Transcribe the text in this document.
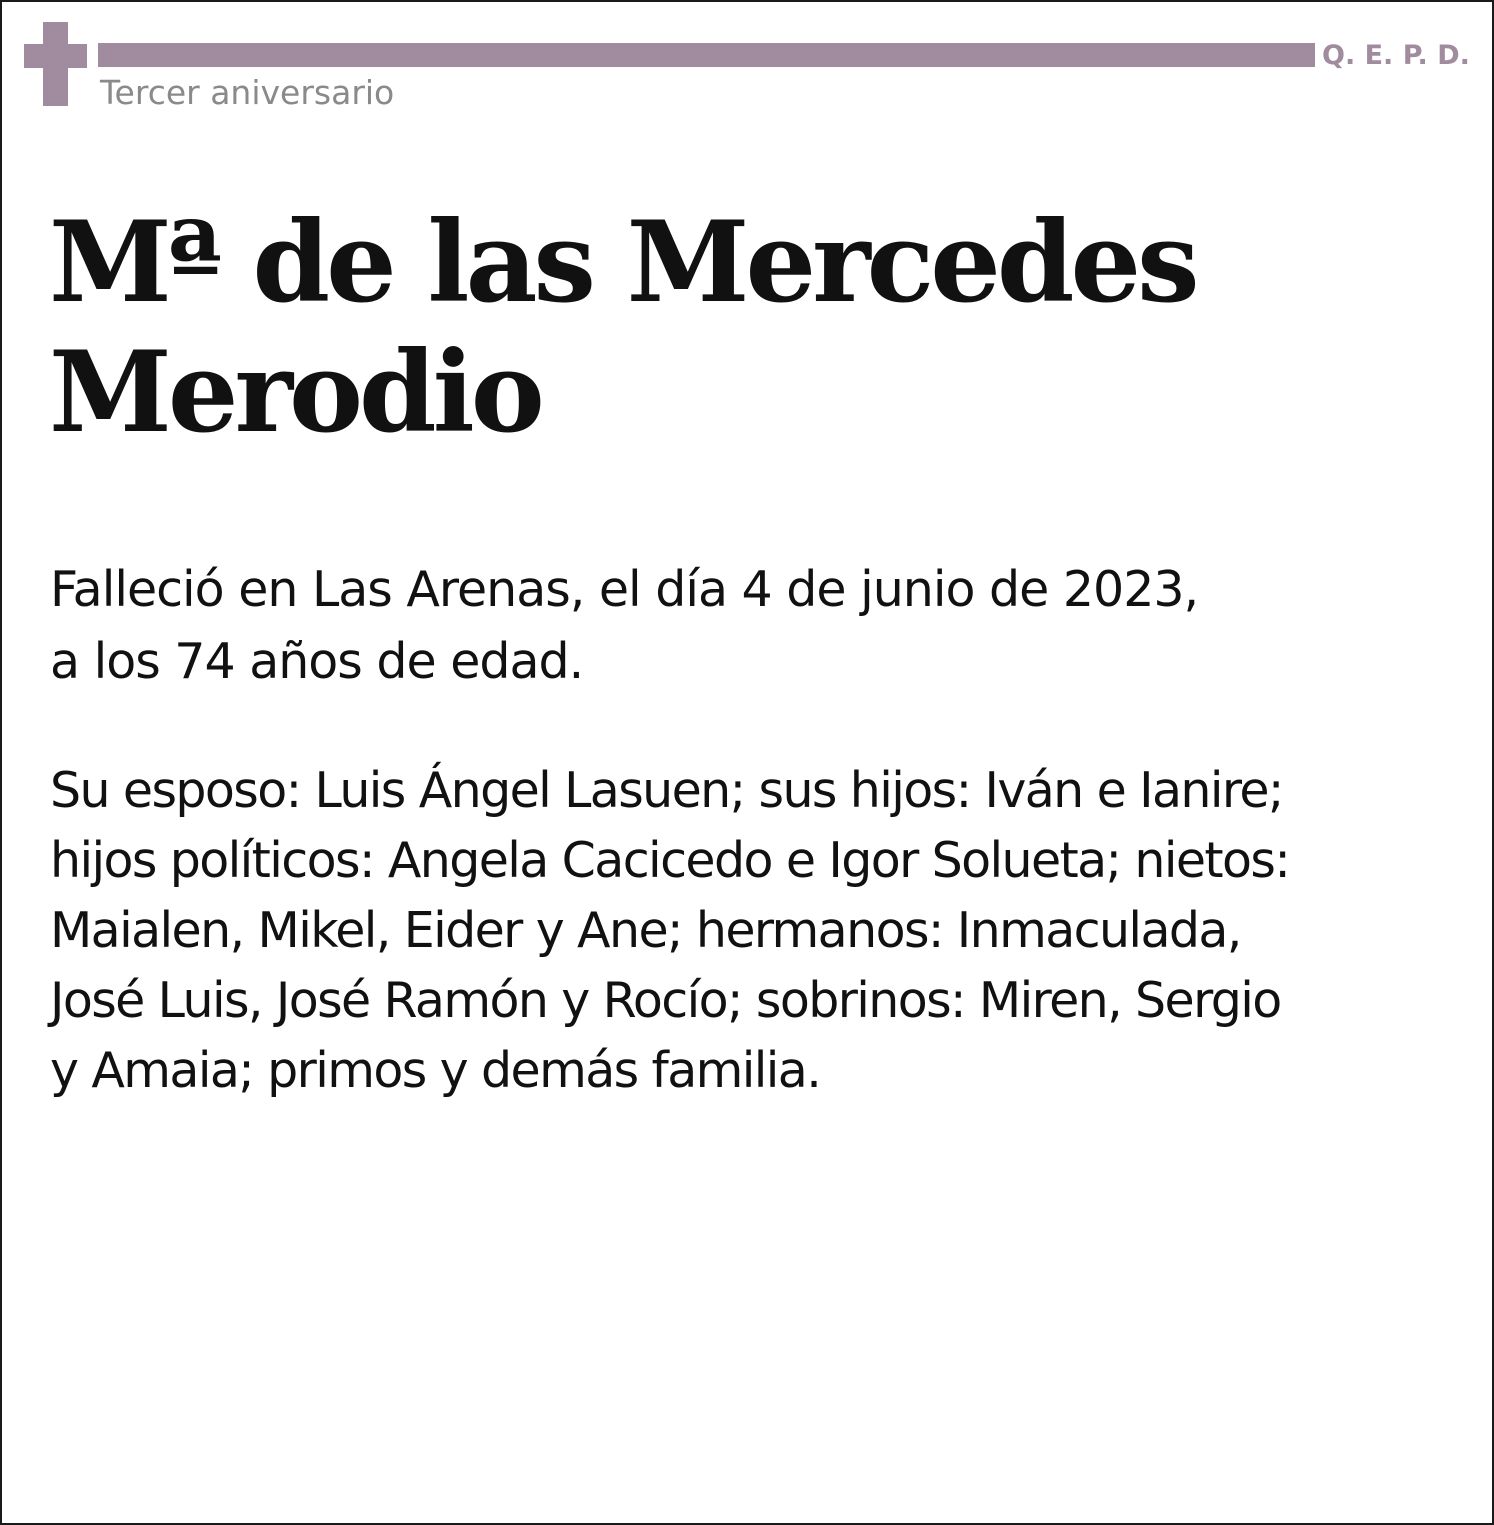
Q. E. P. D.
Tercer aniversario
Mª de las Mercedes
Merodio

Falleció en Las Arenas, el día 4 de junio de 2023,
a los 74 años de edad.

Su esposo: Luis Ángel Lasuen; sus hijos: Iván e Ianire;
hijos políticos: Angela Cacicedo e Igor Solueta; nietos:
Maialen, Mikel, Eider y Ane; hermanos: Inmaculada,
José Luis, José Ramón y Rocío; sobrinos: Miren, Sergio
y Amaia; primos y demás familia.
